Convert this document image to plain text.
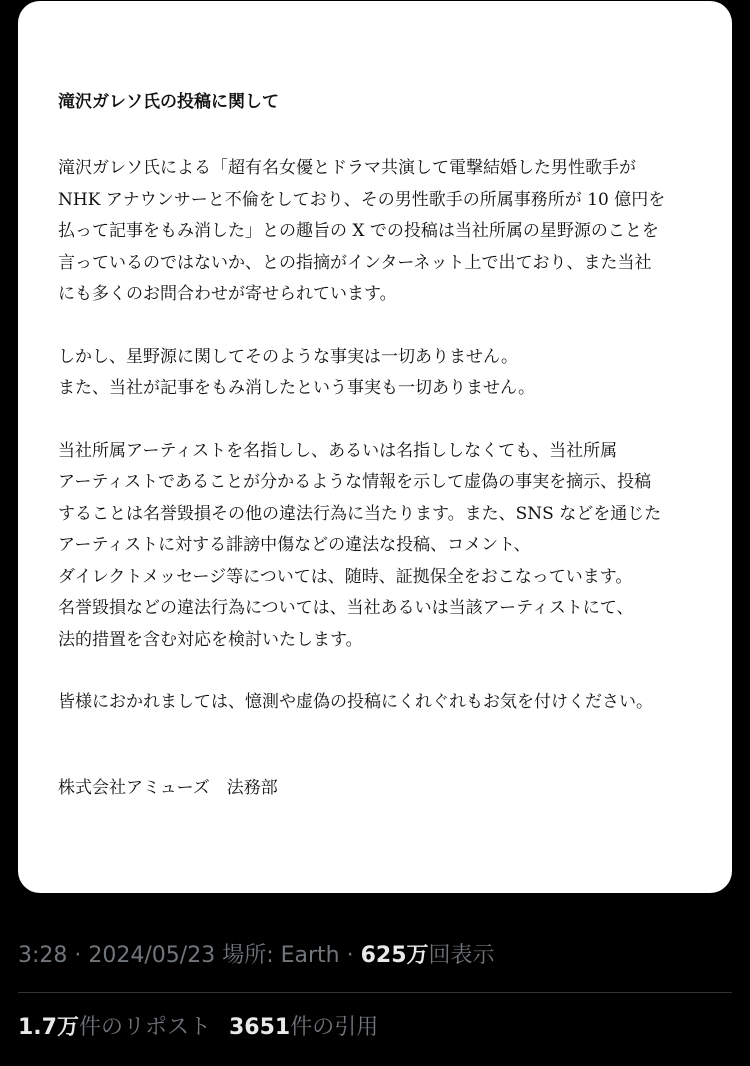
滝沢ガレソ氏の投稿に関して
滝沢ガレソ氏による「超有名女優とドラマ共演して電撃結婚した男性歌手が
NHK アナウンサーと不倫をしており、その男性歌手の所属事務所が 10 億円を
払って記事をもみ消した」との趣旨の X での投稿は当社所属の星野源のことを
言っているのではないか、との指摘がインターネット上で出ており、また当社
にも多くのお問合わせが寄せられています。
しかし、星野源に関してそのような事実は一切ありません。
また、当社が記事をもみ消したという事実も一切ありません。
当社所属アーティストを名指しし、あるいは名指ししなくても、当社所属
アーティストであることが分かるような情報を示して虚偽の事実を摘示、投稿
することは名誉毀損その他の違法行為に当たります。また、SNS などを通じた
アーティストに対する誹謗中傷などの違法な投稿、コメント、
ダイレクトメッセージ等については、随時、証拠保全をおこなっています。
名誉毀損などの違法行為については、当社あるいは当該アーティストにて、
法的措置を含む対応を検討いたします。
皆様におかれましては、憶測や虚偽の投稿にくれぐれもお気を付けください。
株式会社アミューズ　法務部
3:28 · 2024/05/23 場所: Earth · 625万回表示
1.7万件のリポスト 3651件の引用
